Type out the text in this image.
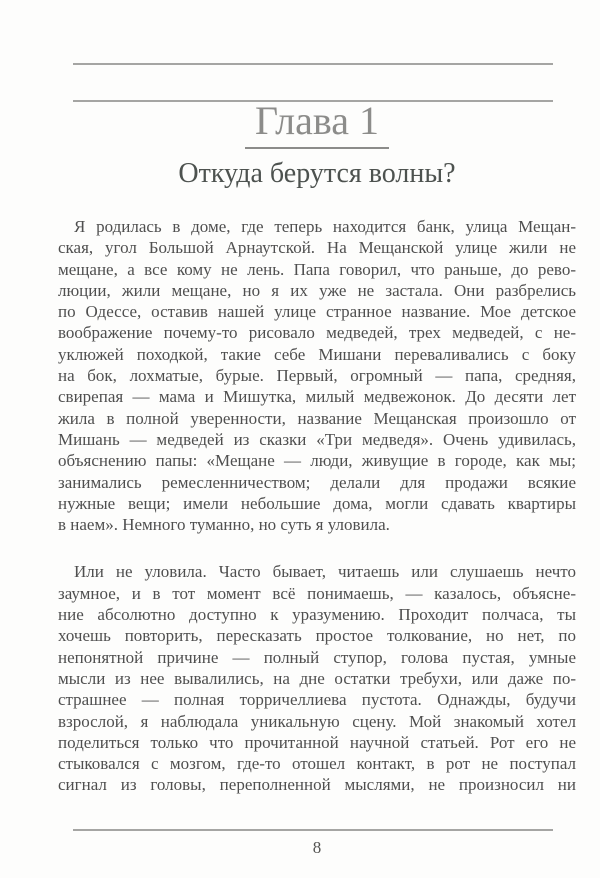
Глава 1
Откуда берутся волны?
Я родилась в доме, где теперь находится банк, улица Мещан-
ская, угол Большой Арнаутской. На Мещанской улице жили не
мещане, а все кому не лень. Папа говорил, что раньше, до рево-
люции, жили мещане, но я их уже не застала. Они разбрелись
по Одессе, оставив нашей улице странное название. Мое детское
воображение почему-то рисовало медведей, трех медведей, с не-
уклюжей походкой, такие себе Мишани переваливались с боку
на бок, лохматые, бурые. Первый, огромный — папа, средняя,
свирепая — мама и Мишутка, милый медвежонок. До десяти лет
жила в полной уверенности, название Мещанская произошло от
Мишань — медведей из сказки «Три медведя». Очень удивилась,
объяснению папы: «Мещане — люди, живущие в городе, как мы;
занимались ремесленничеством; делали для продажи всякие
нужные вещи; имели небольшие дома, могли сдавать квартиры
в наем». Немного туманно, но суть я уловила.
Или не уловила. Часто бывает, читаешь или слушаешь нечто
заумное, и в тот момент всё понимаешь, — казалось, объясне-
ние абсолютно доступно к уразумению. Проходит полчаса, ты
хочешь повторить, пересказать простое толкование, но нет, по
непонятной причине — полный ступор, голова пустая, умные
мысли из нее вывалились, на дне остатки требухи, или даже по-
страшнее — полная торричеллиева пустота. Однажды, будучи
взрослой, я наблюдала уникальную сцену. Мой знакомый хотел
поделиться только что прочитанной научной статьей. Рот его не
стыковался с мозгом, где-то отошел контакт, в рот не поступал
сигнал из головы, переполненной мыслями, не произносил ни
8
